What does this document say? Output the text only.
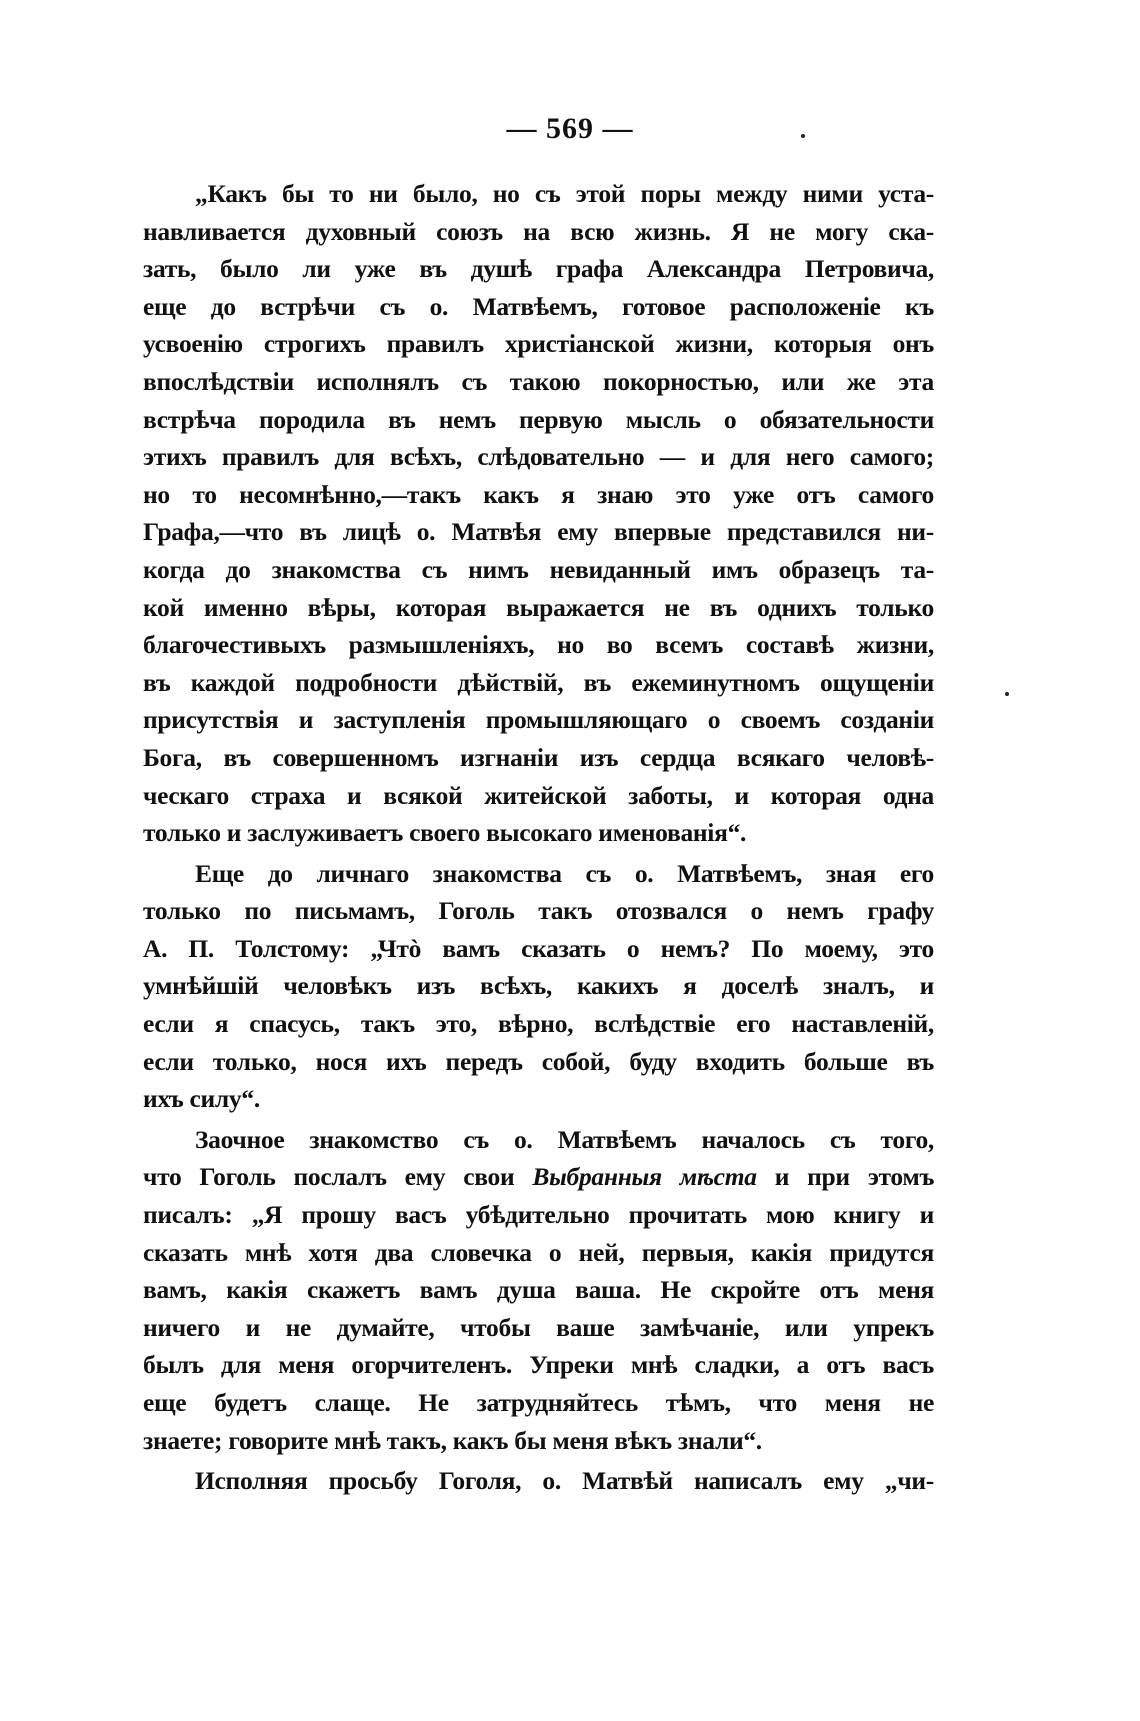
— 569 —
„Какъ бы то ни было, но съ этой поры между ними уста-
навливается духовный союзъ на всю жизнь. Я не могу ска-
зать, было ли уже въ душѣ графа Александра Петровича,
еще до встрѣчи съ о. Матвѣемъ, готовое расположеніе къ
усвоенію строгихъ правилъ христіанской жизни, которыя онъ
впослѣдствіи исполнялъ съ такою покорностью, или же эта
встрѣча породила въ немъ первую мысль о обязательности
этихъ правилъ для всѣхъ, слѣдовательно — и для него самого;
но то несомнѣнно,—такъ какъ я знаю это уже отъ самого
Графа,—что въ лицѣ о. Матвѣя ему впервые представился ни-
когда до знакомства съ нимъ невиданный имъ образецъ та-
кой именно вѣры, которая выражается не въ однихъ только
благочестивыхъ размышленіяхъ, но во всемъ составѣ жизни,
въ каждой подробности дѣйствій, въ ежеминутномъ ощущеніи
присутствія и заступленія промышляющаго о своемъ созданіи
Бога, въ совершенномъ изгнаніи изъ сердца всякаго человѣ-
ческаго страха и всякой житейской заботы, и которая одна
только и заслуживаетъ своего высокаго именованія“.
Еще до личнаго знакомства съ о. Матвѣемъ, зная его
только по письмамъ, Гоголь такъ отозвался о немъ графу
А. П. Толстому: „Чтò вамъ сказать о немъ? По моему, это
умнѣйшій человѣкъ изъ всѣхъ, какихъ я доселѣ зналъ, и
если я спасусь, такъ это, вѣрно, вслѣдствіе его наставленій,
если только, нося ихъ передъ собой, буду входить больше въ
ихъ силу“.
Заочное знакомство съ о. Матвѣемъ началось съ того,
что Гоголь послалъ ему свои Выбранныя мѣста и при этомъ
писалъ: „Я прошу васъ убѣдительно прочитать мою книгу и
сказать мнѣ хотя два словечка о ней, первыя, какія придутся
вамъ, какія скажетъ вамъ душа ваша. Не скройте отъ меня
ничего и не думайте, чтобы ваше замѣчаніе, или упрекъ
былъ для меня огорчителенъ. Упреки мнѣ сладки, а отъ васъ
еще будетъ слаще. Не затрудняйтесь тѣмъ, что меня не
знаете; говорите мнѣ такъ, какъ бы меня вѣкъ знали“.
Исполняя просьбу Гоголя, о. Матвѣй написалъ ему „чи-
